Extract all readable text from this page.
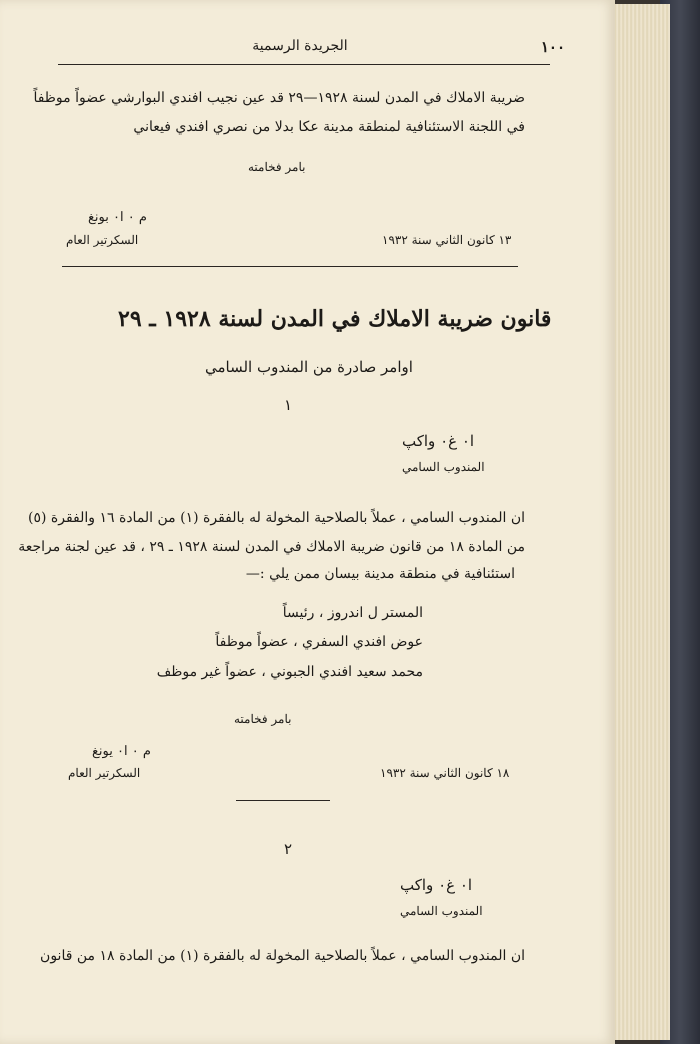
الجريدة الرسمية	١٠٠
ضريبة الاملاك في المدن لسنة ١٩٢٨—٢٩ قد عين نجيب افندي البوارشي عضواً موظفاً
في اللجنة الاستئنافية لمنطقة مدينة عكا بدلا من نصري افندي فيعاني
بامر فخامته
م ٠ ا٠ بونغ
السكرتير العام	١٣ كانون الثاني سنة ١٩٣٢
قانون ضريبة الاملاك في المدن لسنة ١٩٢٨ ـ ٢٩
اوامر صادرة من المندوب السامي
١
ا٠ غ٠ واكپ
المندوب السامي
ان المندوب السامي ، عملاً بالصلاحية المخولة له بالفقرة (١) من المادة ١٦ والفقرة (٥)
من المادة ١٨ من قانون ضريبة الاملاك في المدن لسنة ١٩٢٨ ـ ٢٩ ، قد عين لجنة مراجعة
استئنافية في منطقة مدينة بيسان ممن يلي :—
المستر ل اندروز ، رئيساً
عوض افندي السفري ، عضواً موظفاً
محمد سعيد افندي الجبوني ، عضواً غير موظف
بامر فخامته
م ٠ ا٠ يونغ
السكرتير العام	١٨ كانون الثاني سنة ١٩٣٢
٢
ا٠ غ٠ واكپ
المندوب السامي
ان المندوب السامي ، عملاً بالصلاحية المخولة له بالفقرة (١) من المادة ١٨ من قانون
